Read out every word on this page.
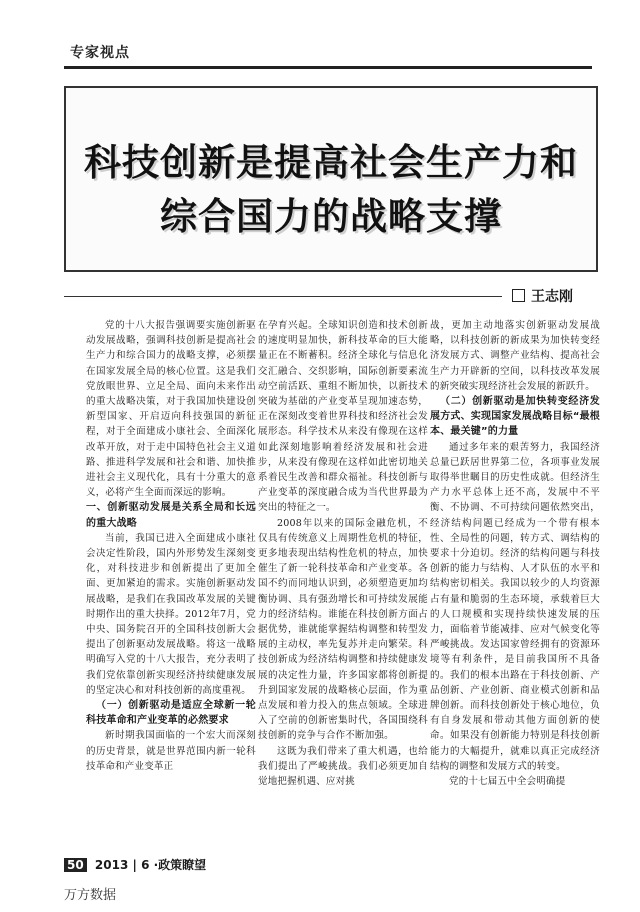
专家视点
科技创新是提高社会生产力和
综合国力的战略支撑
王志刚

党的十八大报告强调要实施创新驱动发展战略，强调科技创新是提高社会生产力和综合国力的战略支撑，必须摆在国家发展全局的核心位置。这是我们党放眼世界、立足全局、面向未来作出的重大战略决策，对于我国加快建设创新型国家、开启迈向科技强国的新征程，对于全面建成小康社会、全面深化改革开放，对于走中国特色社会主义道路、推进科学发展和社会和谐、加快推进社会主义现代化，具有十分重大的意义，必将产生全面而深远的影响。

一、创新驱动发展是关系全局和长远的重大战略

当前，我国已进入全面建成小康社会决定性阶段，国内外形势发生深刻变化，对科技进步和创新提出了更加全面、更加紧迫的需求。实施创新驱动发展战略，是我们在我国改革发展的关键时期作出的重大抉择。2012年7月，党中央、国务院召开的全国科技创新大会提出了创新驱动发展战略。将这一战略明确写入党的十八大报告，充分表明了我们党依靠创新实现经济持续健康发展的坚定决心和对科技创新的高度重视。

（一）创新驱动是适应全球新一轮科技革命和产业变革的必然要求

新时期我国面临的一个宏大而深刻的历史背景，就是世界范围内新一轮科技革命和产业变革正

在孕育兴起。全球知识创造和技术创新的速度明显加快，新科技革命的巨大能量正在不断蓄积。经济全球化与信息化交汇融合、交织影响，国际创新要素流动空前活跃、重组不断加快，以新技术突破为基础的产业变革呈现加速态势，正在深刻改变着世界科技和经济社会发展形态。科学技术从来没有像现在这样如此深刻地影响着经济发展和社会进步，从来没有像现在这样如此密切地关系着民生改善和群众福祉。科技创新与产业变革的深度融合成为当代世界最为突出的特征之一。

2008年以来的国际金融危机，不仅具有传统意义上周期性危机的特征，更多地表现出结构性危机的特点，加快催生了新一轮科技革命和产业变革。各国不约而同地认识到，必须塑造更加均衡协调、具有强劲增长和可持续发展能力的经济结构。谁能在科技创新方面占据优势，谁就能掌握结构调整和转型发展的主动权，率先复苏并走向繁荣。科技创新成为经济结构调整和持续健康发展的决定性力量，许多国家都将创新提升到国家发展的战略核心层面，作为重点发展和着力投入的焦点领域。全球进入了空前的创新密集时代，各国围绕科技创新的竞争与合作不断加强。

这既为我们带来了重大机遇，也给我们提出了严峻挑战。我们必须更加自觉地把握机遇、应对挑

战，更加主动地落实创新驱动发展战略，以科技创新的新成果为加快转变经济发展方式、调整产业结构、提高社会生产力开辟新的空间，以科技改革发展的新突破实现经济社会发展的新跃升。

（二）创新驱动是加快转变经济发展方式、实现国家发展战略目标“最根本、最关键”的力量

通过多年来的艰苦努力，我国经济总量已跃居世界第二位，各项事业发展取得举世瞩目的历史性成就。但经济生产力水平总体上还不高，发展中不平衡、不协调、不可持续问题依然突出，经济结构问题已经成为一个带有根本性、全局性的问题，转方式、调结构的要求十分迫切。经济的结构问题与科技创新的能力与结构、人才队伍的水平和结构密切相关。我国以较少的人均资源占有量和脆弱的生态环境，承载着巨大的人口规模和实现持续快速发展的压力，面临着节能减排、应对气候变化等严峻挑战。发达国家曾经拥有的资源环境等有利条件，是目前我国所不具备的。我们的根本出路在于科技创新、产品创新、产业创新、商业模式创新和品牌创新。而科技创新处于核心地位，负有自身发展和带动其他方面创新的使命。如果没有创新能力特别是科技创新能力的大幅提升，就难以真正完成经济结构的调整和发展方式的转变。

党的十七届五中全会明确提

50 2013 | 6 ·政策瞭望
万方数据
